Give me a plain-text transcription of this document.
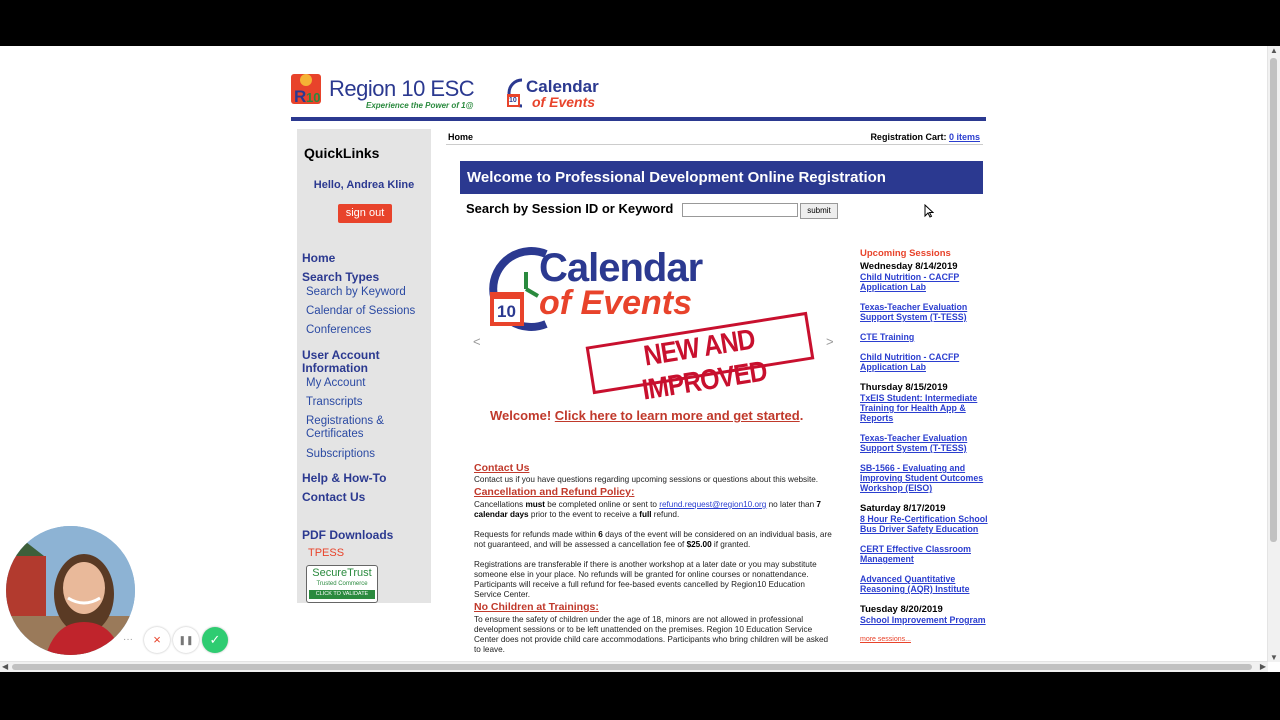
R 10 Region 10 ESC
Experience the Power of 1@
10
Calendar
of Events
QuickLinks
Hello, Andrea Kline
sign out
Home
Search Types
Search by Keyword
Calendar of Sessions
Conferences
User Account
Information
My Account
Transcripts
Registrations &
Certificates
Subscriptions
Help & How-To
Contact Us
PDF Downloads
TPESS
SecureTrust
Trusted Commerce
CLICK TO VALIDATE
Home	Registration Cart: 0 items
Welcome to Professional Development Online Registration
Search by Session ID or Keyword	submit
<	>
10
Calendar
of Events
NEW AND IMPROVED
Welcome! Click here to learn more and get started.
Contact Us
Contact us if you have questions regarding upcoming sessions or questions about this website.
Cancellation and Refund Policy:
Cancellations must be completed online or sent to refund.request@region10.org no later than 7 calendar days prior to the event to receive a full refund.
Requests for refunds made within 6 days of the event will be considered on an individual basis, are not guaranteed, and will be assessed a cancellation fee of $25.00 if granted.
Registrations are transferable if there is another workshop at a later date or you may substitute someone else in your place. No refunds will be granted for online courses or nonattendance. Participants will receive a full refund for fee-based events cancelled by Region10 Education Service Center.
No Children at Trainings:
To ensure the safety of children under the age of 18, minors are not allowed in professional development sessions or to be left unattended on the premises. Region 10 Education Service Center does not provide child care accommodations. Participants who bring children will be asked to leave.
Upcoming Sessions
Wednesday 8/14/2019
Child Nutrition - CACFP Application Lab
Texas-Teacher Evaluation Support System (T-TESS)
CTE Training
Child Nutrition - CACFP Application Lab
Thursday 8/15/2019
TxEIS Student: Intermediate Training for Health App & Reports
Texas-Teacher Evaluation Support System (T-TESS)
SB-1566 - Evaluating and Improving Student Outcomes Workshop (EISO)
Saturday 8/17/2019
8 Hour Re-Certification School Bus Driver Safety Education
CERT Effective Classroom Management
Advanced Quantitative Reasoning (AQR) Institute
Tuesday 8/20/2019
School Improvement Program
more sessions...
▲
▼
◀	▶
···	×	❚❚	✓
